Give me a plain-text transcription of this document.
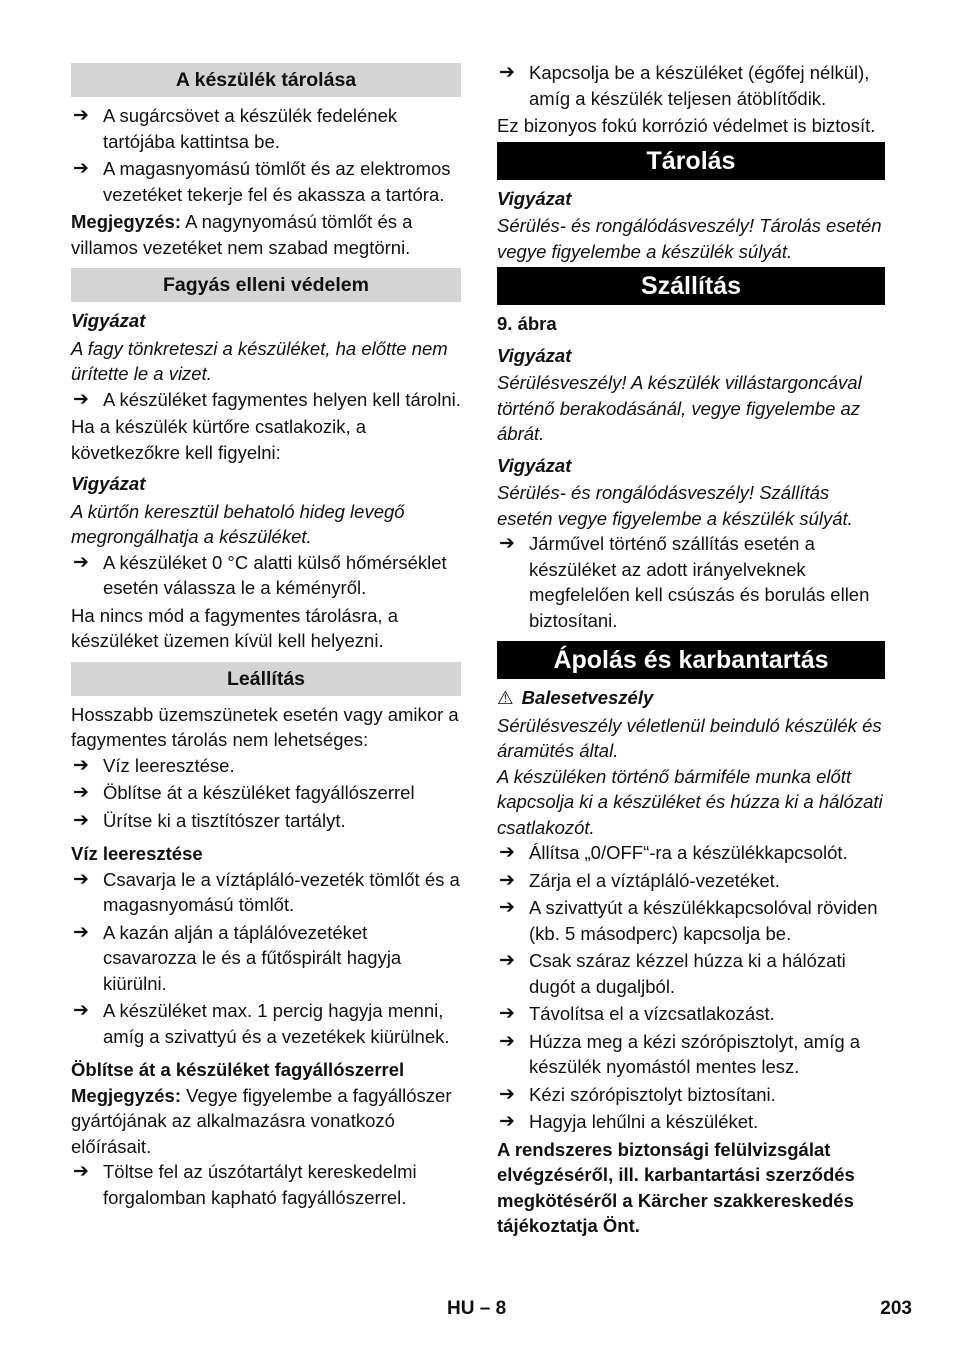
A készülék tárolása
➔ A sugárcsövet a készülék fedelének tartójába kattintsa be.
➔ A magasnyomású tömlőt és az elektromos vezetéket tekerje fel és akassza a tartóra.

Megjegyzés: A nagynyomású tömlőt és a villamos vezetéket nem szabad megtörni.

Fagyás elleni védelem

Vigyázat

A fagy tönkreteszi a készüléket, ha előtte nem ürítette le a vizet.

➔ A készüléket fagymentes helyen kell tárolni.

Ha a készülék kürtőre csatlakozik, a következőkre kell figyelni:

Vigyázat

A kürtőn keresztül behatoló hideg levegő megrongálhatja a készüléket.

➔ A készüléket 0 °C alatti külső hőmérséklet esetén válassza le a kéményről.

Ha nincs mód a fagymentes tárolásra, a készüléket üzemen kívül kell helyezni.

Leállítás

Hosszabb üzemszünetek esetén vagy amikor a fagymentes tárolás nem lehetséges:

➔ Víz leeresztése.
➔ Öblítse át a készüléket fagyállószerrel
➔ Ürítse ki a tisztítószer tartályt.

Víz leeresztése

➔ Csavarja le a víztápláló-vezeték tömlőt és a magasnyomású tömlőt.
➔ A kazán alján a táplálóvezetéket csavarozza le és a fűtőspirált hagyja kiürülni.
➔ A készüléket max. 1 percig hagyja menni, amíg a szivattyú és a vezetékek kiürülnek.

Öblítse át a készüléket fagyállószerrel

Megjegyzés: Vegye figyelembe a fagyállószer gyártójának az alkalmazásra vonatkozó előírásait.

➔ Töltse fel az úszótartályt kereskedelmi forgalomban kapható fagyállószerrel.
➔ Kapcsolja be a készüléket (égőfej nélkül), amíg a készülék teljesen átöblítődik.

Ez bizonyos fokú korrózió védelmet is biztosít.

Tárolás

Vigyázat

Sérülés- és rongálódásveszély! Tárolás esetén vegye figyelembe a készülék súlyát.

Szállítás

9. ábra

Vigyázat

Sérülésveszély! A készülék villástargoncával történő berakodásánál, vegye figyelembe az ábrát.

Vigyázat

Sérülés- és rongálódásveszély! Szállítás esetén vegye figyelembe a készülék súlyát.

➔ Járművel történő szállítás esetén a készüléket az adott irányelveknek megfelelően kell csúszás és borulás ellen biztosítani.
Ápolás és karbantartás

⚠ Balesetveszély

Sérülésveszély véletlenül beinduló készülék és áramütés által.

A készüléken történő bármiféle munka előtt kapcsolja ki a készüléket és húzza ki a hálózati csatlakozót.

➔ Állítsa „0/OFF“-ra a készülékkapcsolót.
➔ Zárja el a víztápláló-vezetéket.
➔ A szivattyút a készülékkapcsolóval röviden (kb. 5 másodperc) kapcsolja be.
➔ Csak száraz kézzel húzza ki a hálózati dugót a dugaljból.
➔ Távolítsa el a vízcsatlakozást.
➔ Húzza meg a kézi szórópisztolyt, amíg a készülék nyomástól mentes lesz.
➔ Kézi szórópisztolyt biztosítani.
➔ Hagyja lehűlni a készüléket.

A rendszeres biztonsági felülvizsgálat elvégzéséről, ill. karbantartási szerződés megkötéséről a Kärcher szakkereskedés tájékoztatja Önt.

HU – 8	203
